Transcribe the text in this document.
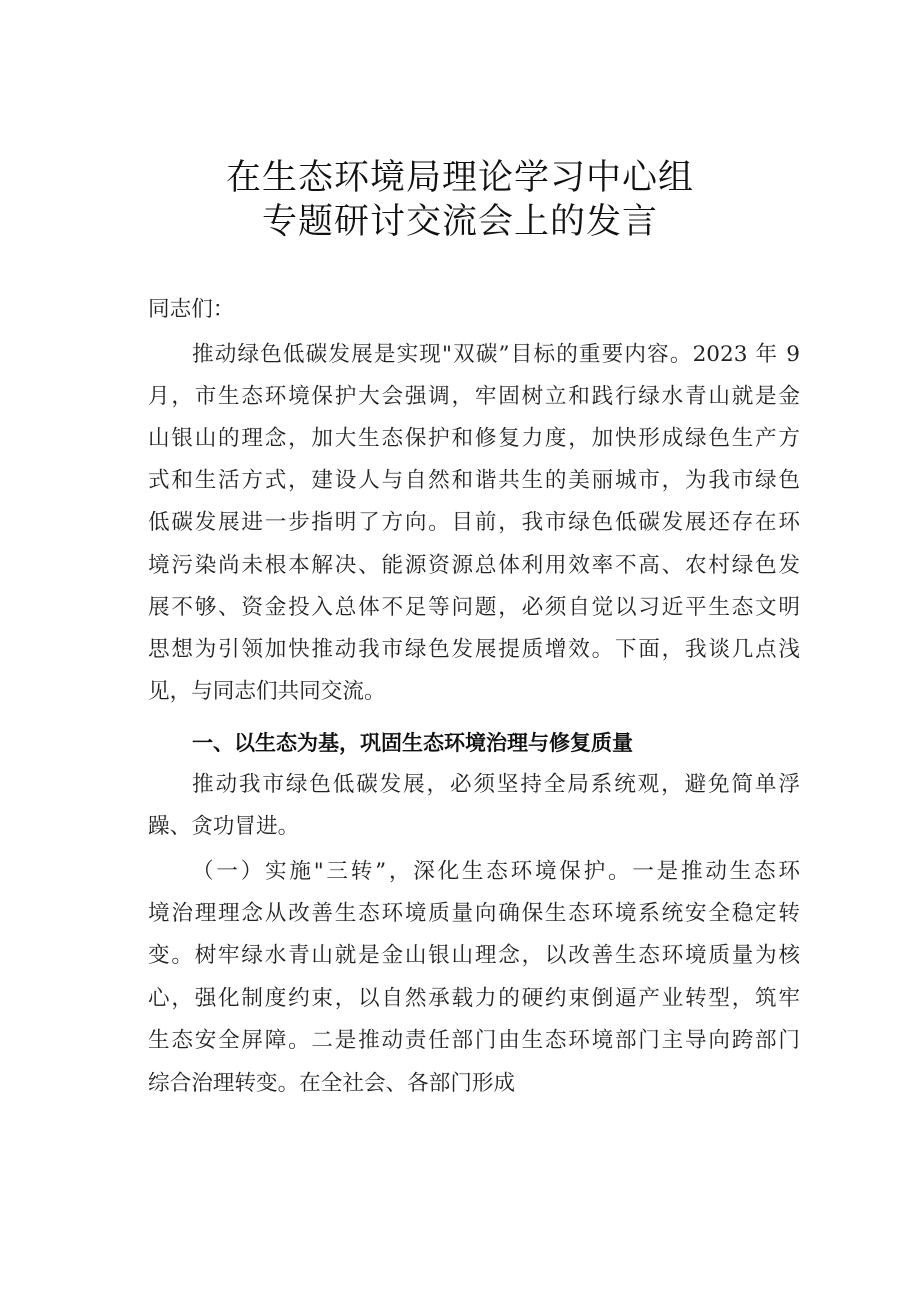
在生态环境局理论学习中心组
专题研讨交流会上的发言
同志们：
推动绿色低碳发展是实现"双碳”目标的重要内容。2023 年 9
月，市生态环境保护大会强调，牢固树立和践行绿水青山就是金
山银山的理念，加大生态保护和修复力度，加快形成绿色生产方
式和生活方式，建设人与自然和谐共生的美丽城市，为我市绿色
低碳发展进一步指明了方向。目前，我市绿色低碳发展还存在环
境污染尚未根本解决、能源资源总体利用效率不高、农村绿色发
展不够、资金投入总体不足等问题，必须自觉以习近平生态文明
思想为引领加快推动我市绿色发展提质增效。下面，我谈几点浅
见，与同志们共同交流。
一、以生态为基，巩固生态环境治理与修复质量
推动我市绿色低碳发展，必须坚持全局系统观，避免简单浮
躁、贪功冒进。
（一）实施"三转”，深化生态环境保护。一是推动生态环
境治理理念从改善生态环境质量向确保生态环境系统安全稳定转
变。树牢绿水青山就是金山银山理念，以改善生态环境质量为核
心，强化制度约束，以自然承载力的硬约束倒逼产业转型，筑牢
生态安全屏障。二是推动责任部门由生态环境部门主导向跨部门
综合治理转变。在全社会、各部门形成
